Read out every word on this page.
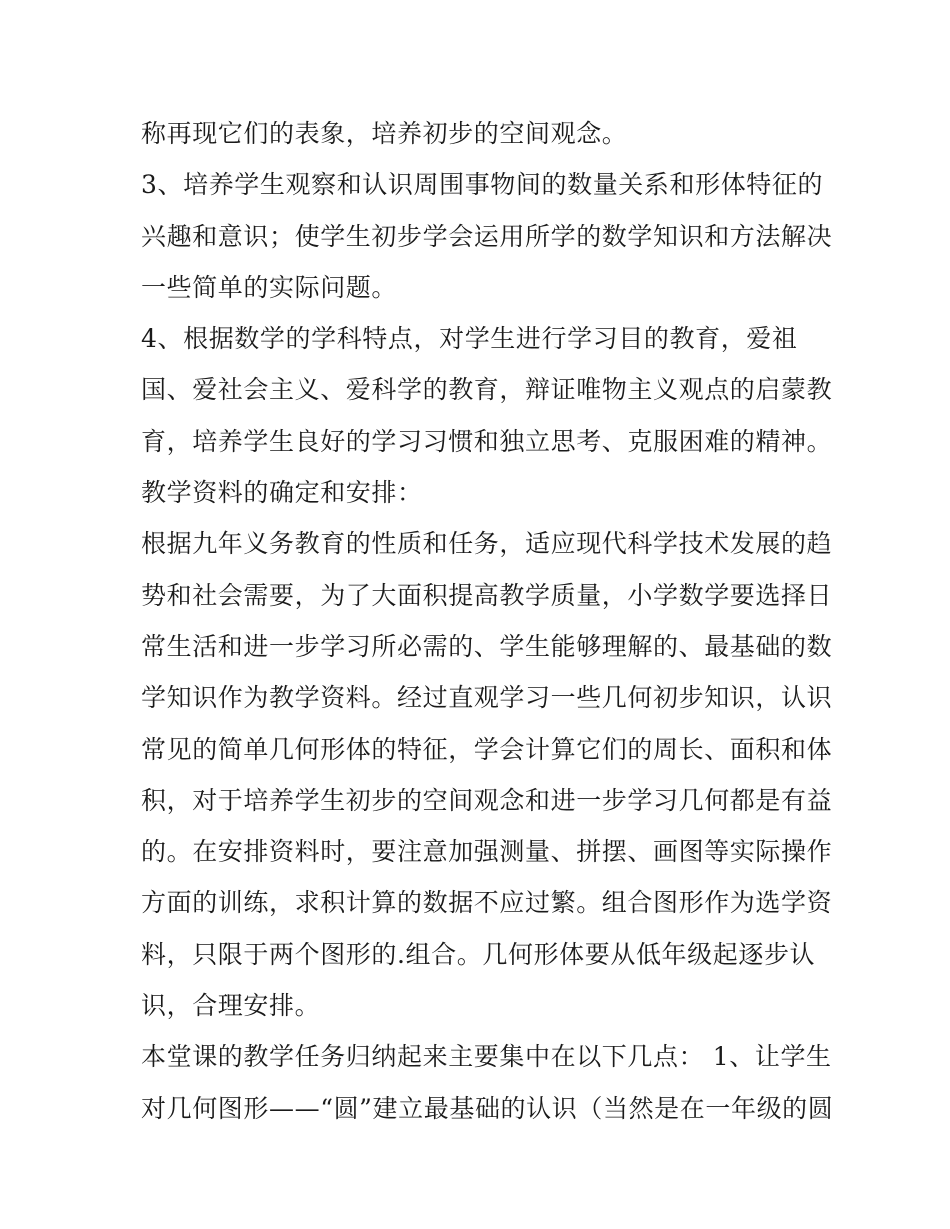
称再现它们的表象，培养初步的空间观念。
3、培养学生观察和认识周围事物间的数量关系和形体特征的
兴趣和意识；使学生初步学会运用所学的数学知识和方法解决
一些简单的实际问题。
4、根据数学的学科特点，对学生进行学习目的教育，爱祖
国、爱社会主义、爱科学的教育，辩证唯物主义观点的启蒙教
育，培养学生良好的学习习惯和独立思考、克服困难的精神。
教学资料的确定和安排：
根据九年义务教育的性质和任务，适应现代科学技术发展的趋
势和社会需要，为了大面积提高教学质量，小学数学要选择日
常生活和进一步学习所必需的、学生能够理解的、最基础的数
学知识作为教学资料。经过直观学习一些几何初步知识，认识
常见的简单几何形体的特征，学会计算它们的周长、面积和体
积，对于培养学生初步的空间观念和进一步学习几何都是有益
的。在安排资料时，要注意加强测量、拼摆、画图等实际操作
方面的训练，求积计算的数据不应过繁。组合图形作为选学资
料，只限于两个图形的.组合。几何形体要从低年级起逐步认
识，合理安排。
本堂课的教学任务归纳起来主要集中在以下几点： 1、让学生
对几何图形——“圆”建立最基础的认识（当然是在一年级的圆
